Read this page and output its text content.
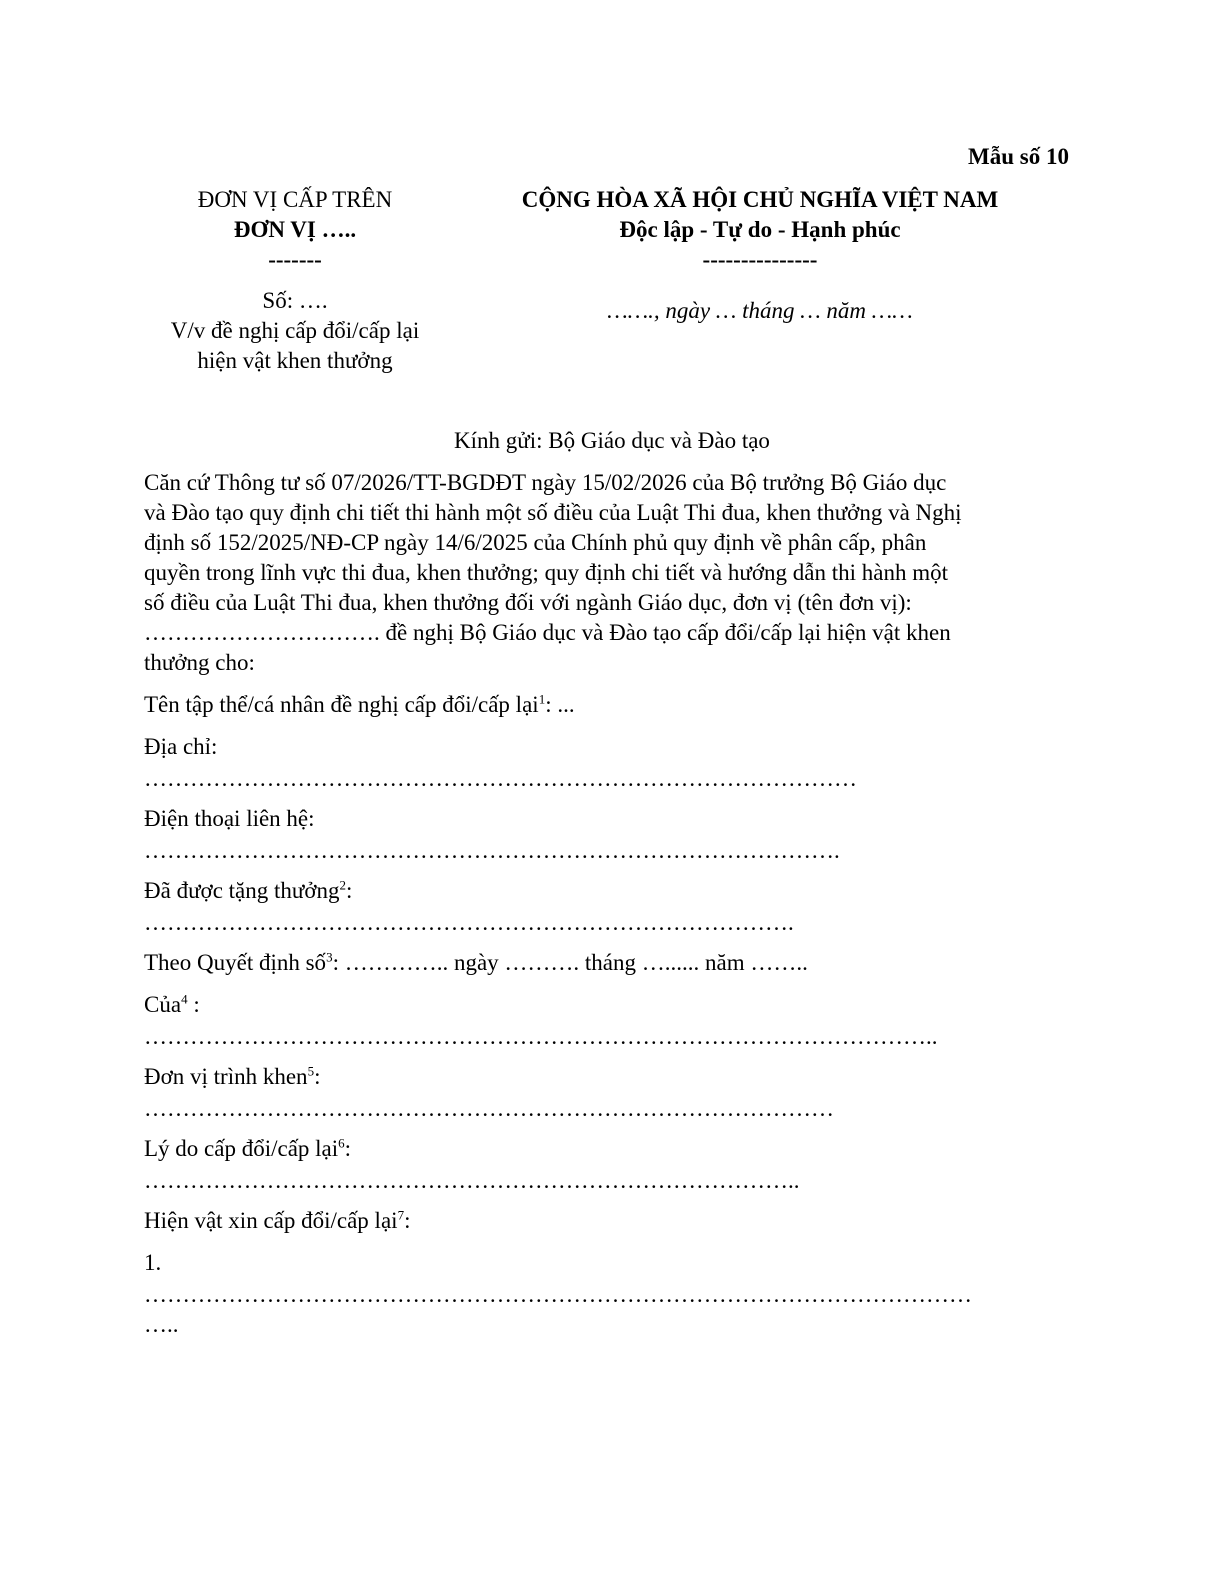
Mẫu số 10
ĐƠN VỊ CẤP TRÊN
ĐƠN VỊ …..
-------
CỘNG HÒA XÃ HỘI CHỦ NGHĨA VIỆT NAM
Độc lập - Tự do - Hạnh phúc
---------------
Số: ….
V/v đề nghị cấp đổi/cấp lại
hiện vật khen thưởng
……., ngày … tháng … năm ……
Kính gửi: Bộ Giáo dục và Đào tạo
Căn cứ Thông tư số 07/2026/TT-BGDĐT ngày 15/02/2026 của Bộ trưởng Bộ Giáo dục
và Đào tạo quy định chi tiết thi hành một số điều của Luật Thi đua, khen thưởng và Nghị
định số 152/2025/NĐ-CP ngày 14/6/2025 của Chính phủ quy định về phân cấp, phân
quyền trong lĩnh vực thi đua, khen thưởng; quy định chi tiết và hướng dẫn thi hành một
số điều của Luật Thi đua, khen thưởng đối với ngành Giáo dục, đơn vị (tên đơn vị):
…………………………. đề nghị Bộ Giáo dục và Đào tạo cấp đổi/cấp lại hiện vật khen
thưởng cho:
Tên tập thể/cá nhân đề nghị cấp đổi/cấp lại$^1$: ...
Địa chỉ:
…………………………………………………………………………………
Điện thoại liên hệ:
……………………………………………………………………………….
Đã được tặng thưởng$^2$:
………………………………………………………………………….
Theo Quyết định số$^3$: ………….. ngày ………. tháng …...... năm ……..
Của$^4$ :
…………………………………………………………………………………………..
Đơn vị trình khen$^5$:
………………………………………………………………………………
Lý do cấp đổi/cấp lại$^6$:
…………………………………………………………………………..
Hiện vật xin cấp đổi/cấp lại$^7$:
1.
………………………………………………………………………………………………
…..
